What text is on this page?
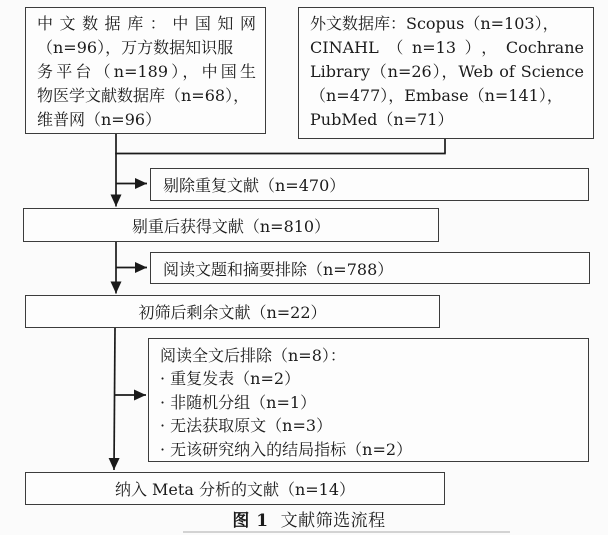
中文数据库：中国知网
（n=96），万方数据知识服
务平台（n=189），中国生
物医学文献数据库（n=68），
维普网（n=96）
外文数据库：Scopus（n=103），
CINAHL（n=13），Cochrane
Library（n=26），Web of Science
（n=477），Embase（n=141），
PubMed（n=71）
剔除重复文献（n=470）
剔重后获得文献（n=810）
阅读文题和摘要排除（n=788）
初筛后剩余文献（n=22）
阅读全文后排除（n=8）：
· 重复发表（n=2）
· 非随机分组（n=1）
· 无法获取原文（n=3）
· 无该研究纳入的结局指标（n=2）
纳入 Meta 分析的文献（n=14）
图 1 文献筛选流程
